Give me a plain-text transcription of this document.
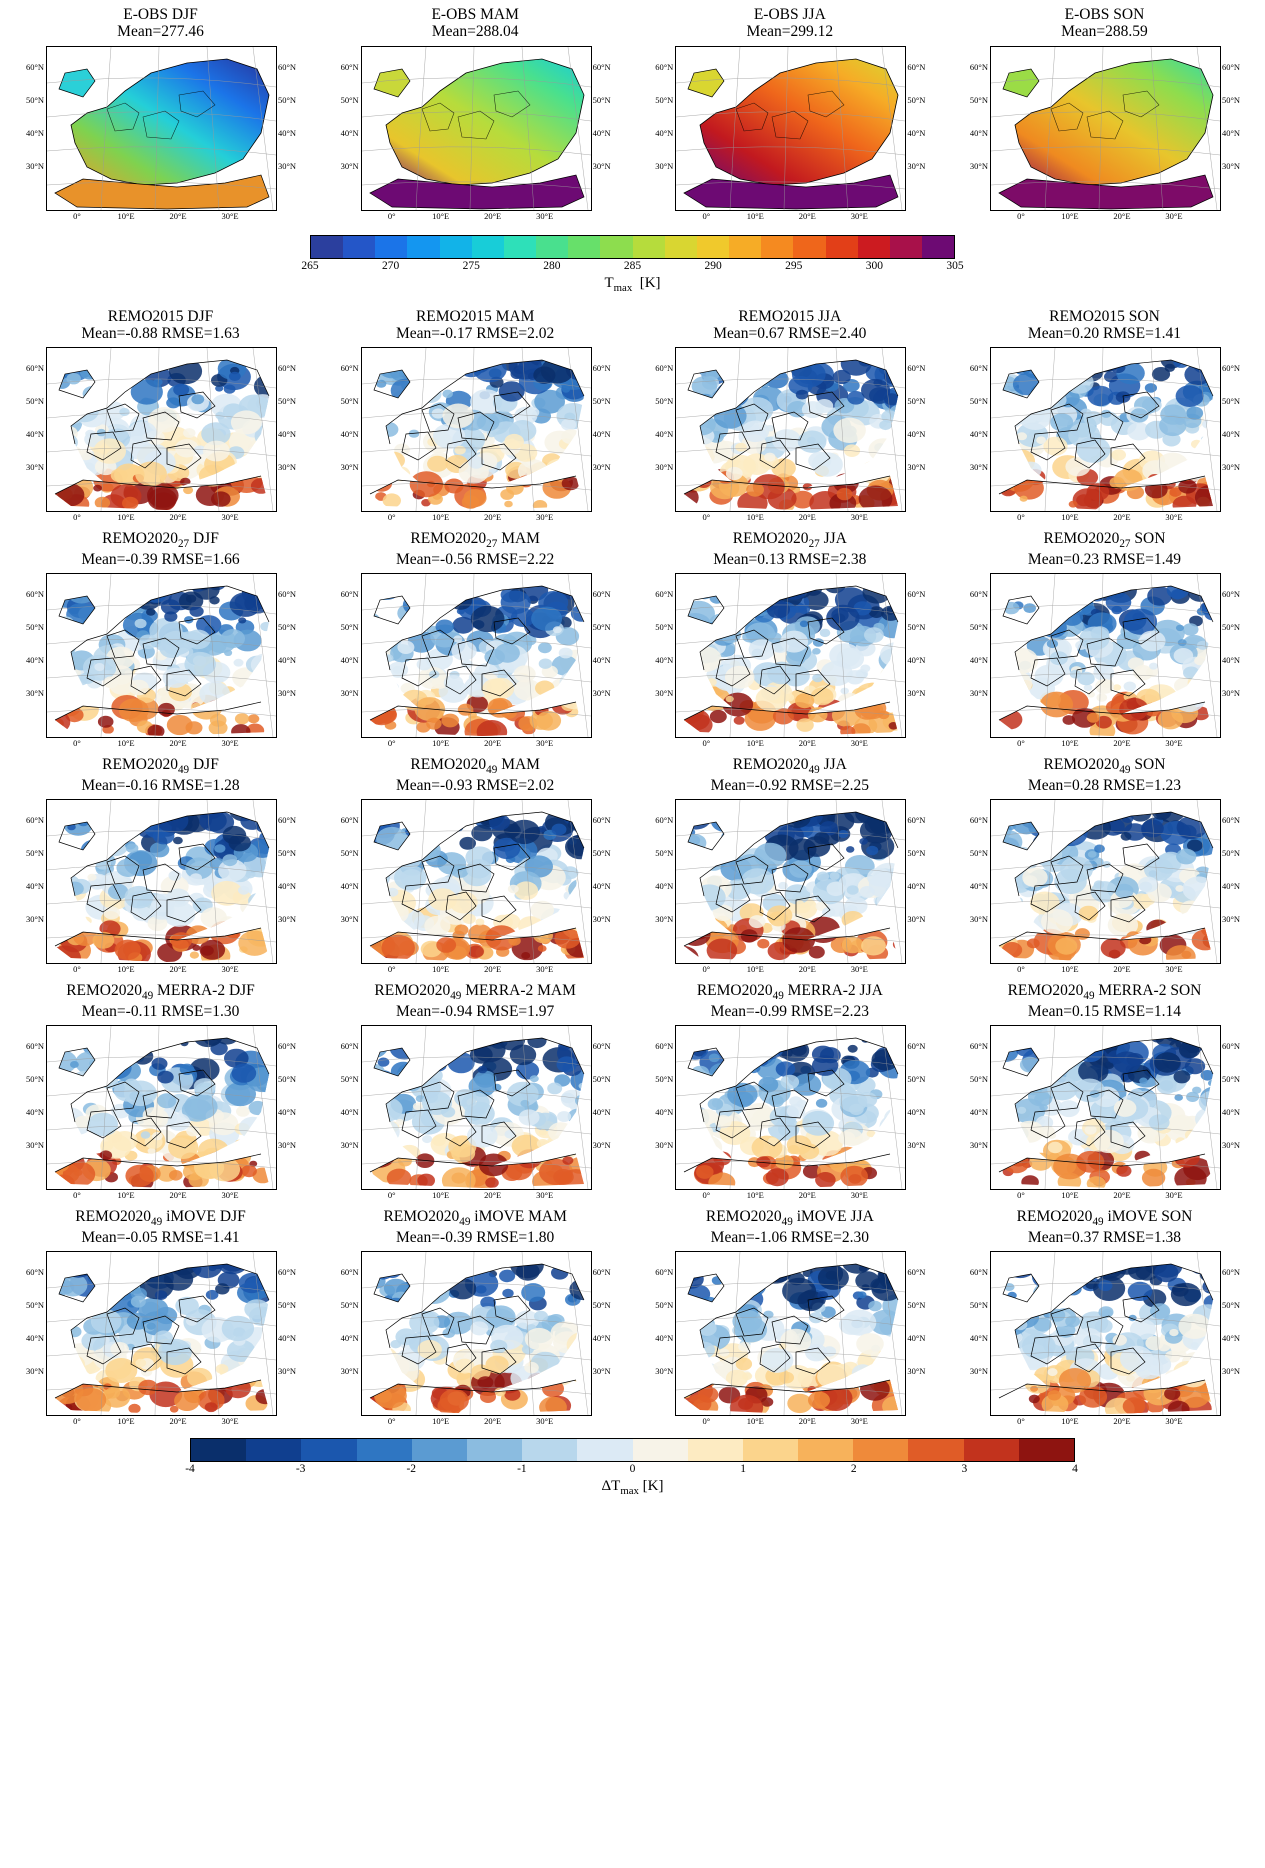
E-OBS DJF
Mean=277.46
30°N
40°N
50°N
60°N
30°N
40°N
50°N
60°N
0°	10°E	20°E	30°E
E-OBS MAM
Mean=288.04
30°N
40°N
50°N
60°N
30°N
40°N
50°N
60°N
0°	10°E	20°E	30°E
E-OBS JJA
Mean=299.12
30°N
40°N
50°N
60°N
30°N
40°N
50°N
60°N
0°	10°E	20°E	30°E
E-OBS SON
Mean=288.59
30°N
40°N
50°N
60°N
30°N
40°N
50°N
60°N
0°	10°E	20°E	30°E
265	270	275	280	285	290	295	300	305
$T_{max}$  [K]
REMO2015 DJF
Mean=-0.88 RMSE=1.63
30°N	30°N
40°N	40°N
50°N	50°N
60°N	60°N
0°	10°E	20°E	30°E
REMO2015 MAM
Mean=-0.17 RMSE=2.02
30°N	30°N
40°N	40°N
50°N	50°N
60°N	60°N
0°	10°E	20°E	30°E
REMO2015 JJA
Mean=0.67 RMSE=2.40
30°N	30°N
40°N	40°N
50°N	50°N
60°N	60°N
0°	10°E	20°E	30°E
REMO2015 SON
Mean=0.20 RMSE=1.41
30°N	30°N
40°N	40°N
50°N	50°N
60°N	60°N
0°	10°E	20°E	30°E
$REMO2020_{27}$ DJF
Mean=-0.39 RMSE=1.66
30°N	30°N
40°N	40°N
50°N	50°N
60°N	60°N
0°	10°E	20°E	30°E
$REMO2020_{27}$ MAM
Mean=-0.56 RMSE=2.22
30°N	30°N
40°N	40°N
50°N	50°N
60°N	60°N
0°	10°E	20°E	30°E
$REMO2020_{27}$ JJA
Mean=0.13 RMSE=2.38
30°N	30°N
40°N	40°N
50°N	50°N
60°N	60°N
0°	10°E	20°E	30°E
$REMO2020_{27}$ SON
Mean=0.23 RMSE=1.49
30°N	30°N
40°N	40°N
50°N	50°N
60°N	60°N
0°	10°E	20°E	30°E
$REMO2020_{49}$ DJF
Mean=-0.16 RMSE=1.28
30°N	30°N
40°N	40°N
50°N	50°N
60°N	60°N
0°	10°E	20°E	30°E
$REMO2020_{49}$ MAM
Mean=-0.93 RMSE=2.02
30°N	30°N
40°N	40°N
50°N	50°N
60°N	60°N
0°	10°E	20°E	30°E
$REMO2020_{49}$ JJA
Mean=-0.92 RMSE=2.25
30°N	30°N
40°N	40°N
50°N	50°N
60°N	60°N
0°	10°E	20°E	30°E
$REMO2020_{49}$ SON
Mean=0.28 RMSE=1.23
30°N	30°N
40°N	40°N
50°N	50°N
60°N	60°N
0°	10°E	20°E	30°E
$REMO2020_{49}$ MERRA-2 DJF
Mean=-0.11 RMSE=1.30
30°N	30°N
40°N	40°N
50°N	50°N
60°N	60°N
0°	10°E	20°E	30°E
$REMO2020_{49}$ MERRA-2 MAM
Mean=-0.94 RMSE=1.97
30°N	30°N
40°N	40°N
50°N	50°N
60°N	60°N
0°	10°E	20°E	30°E
$REMO2020_{49}$ MERRA-2 JJA
Mean=-0.99 RMSE=2.23
30°N	30°N
40°N	40°N
50°N	50°N
60°N	60°N
0°	10°E	20°E	30°E
$REMO2020_{49}$ MERRA-2 SON
Mean=0.15 RMSE=1.14
30°N	30°N
40°N	40°N
50°N	50°N
60°N	60°N
0°	10°E	20°E	30°E
$REMO2020_{49}$ iMOVE DJF
Mean=-0.05 RMSE=1.41
30°N	30°N
40°N	40°N
50°N	50°N
60°N	60°N
0°	10°E	20°E	30°E
$REMO2020_{49}$ iMOVE MAM
Mean=-0.39 RMSE=1.80
30°N	30°N
40°N	40°N
50°N	50°N
60°N	60°N
0°	10°E	20°E	30°E
$REMO2020_{49}$ iMOVE JJA
Mean=-1.06 RMSE=2.30
30°N	30°N
40°N	40°N
50°N	50°N
60°N	60°N
0°	10°E	20°E	30°E
$REMO2020_{49}$ iMOVE SON
Mean=0.37 RMSE=1.38
30°N	30°N
40°N	40°N
50°N	50°N
60°N	60°N
0°	10°E	20°E	30°E
-4	-3	-2	-1	0	1	2	3	4
$\Delta T_{max}$ [K]
